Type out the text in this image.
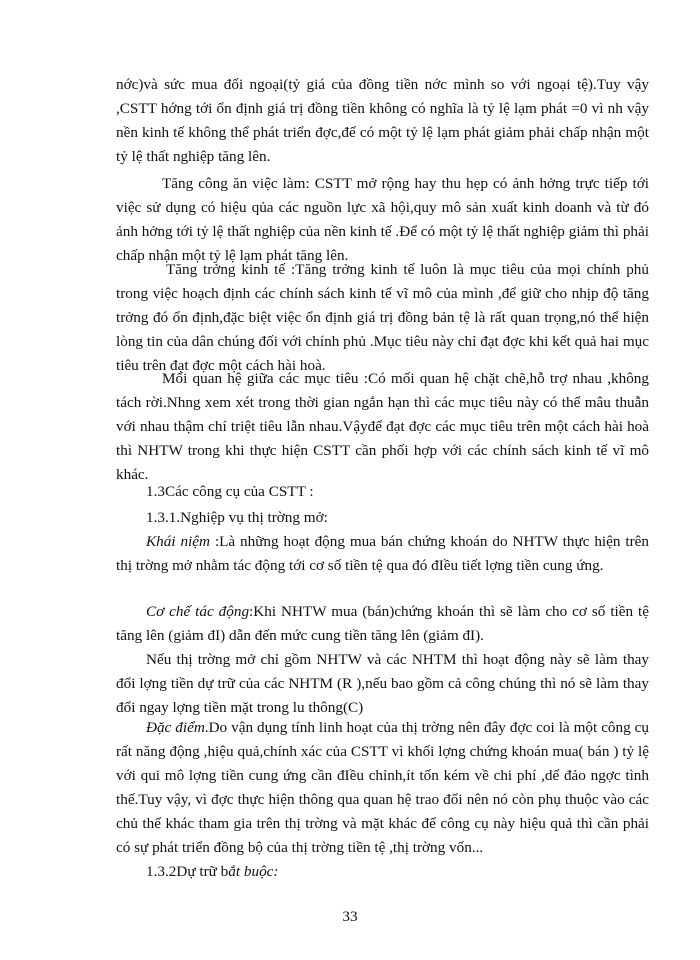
nớc)và sức mua đối ngoại(tỷ giá của đồng tiền nớc mình so với ngoại tệ).Tuy vậy ,CSTT hớng tới ổn định giá trị đồng tiền không có nghĩa là tỷ lệ lạm phát =0 vì nh vậy nền kinh tế không thể phát triển đợc,để có một tỷ lệ lạm phát giảm phải chấp nhận một tỷ lệ thất nghiệp tăng lên.

Tăng công ăn việc làm: CSTT mở rộng hay thu hẹp có ảnh hởng trực tiếp tới việc sử dụng có hiệu qủa các nguồn lực xã hội,quy mô sản xuất kinh doanh và từ đó ảnh hởng tới tỷ lệ thất nghiệp của nền kinh tế .Để có một tỷ lệ thất nghiệp giảm thì phải chấp nhận một tỷ lệ lạm phát tăng lên.

Tăng trởng kinh tế :Tăng trởng kinh tế luôn là mục tiêu của mọi chính phủ trong việc hoạch định các chính sách kinh tế vĩ mô của mình ,để giữ cho nhịp độ tăng trởng đó ổn định,đặc biệt việc ổn định giá trị đồng bản tệ là rất quan trọng,nó thể hiện lòng tin của dân chúng đối với chính phủ .Mục tiêu này chỉ đạt đợc khi kết quả hai mục tiêu trên đạt đợc một cách hài hoà.

Mối quan hệ giữa các mục tiêu :Có mối quan hệ chặt chẽ,hỗ trợ nhau ,không tách rời.Nhng xem xét trong thời gian ngắn hạn thì các mục tiêu này có thể mâu thuẫn với nhau thậm chí triệt tiêu lẫn nhau.Vậyđể đạt đợc các mục tiêu trên một cách hài hoà thì NHTW trong khi thực hiện CSTT cần phối hợp với các chính sách kinh tế vĩ mô khác.

1.3Các công cụ của CSTT :

1.3.1.Nghiệp vụ thị trờng mở:

Khái niệm :Là những hoạt động mua bán chứng khoán do NHTW thực hiện trên thị trờng mở nhằm tác động tới cơ số tiền tệ qua đó đIều tiết lợng tiền cung ứng.

Cơ chế tác động:Khi NHTW mua (bán)chứng khoán thì sẽ làm cho cơ số tiền tệ tăng lên (giảm đI) dẫn đến mức cung tiền tăng lên (giảm đI).

Nếu thị trờng mở chỉ gồm NHTW và các NHTM thì hoạt động này sẽ làm thay đổi lợng tiền dự trữ của các NHTM (R ),nếu bao gồm cả công chúng thì nó sẽ làm thay đổi ngay lợng tiền mặt trong lu thông(C)

Đặc điểm.Do vận dụng tính linh hoạt của thị trờng nên đây đợc coi là một công cụ rất năng động ,hiệu quả,chính xác của CSTT vì khối lợng chứng khoán mua( bán ) tỷ lệ với qui mô lợng tiền cung ứng cần đIều chỉnh,ít tốn kém về chi phí ,dể đảo ngợc tình thế.Tuy vậy, vì đợc thực hiện thông qua quan hệ trao đổi nên nó còn phụ thuộc vào các chủ thể khác tham gia trên thị trờng và mặt khác để công cụ này hiệu quả thì cần phải có sự phát triển đồng bộ của thị trờng tiền tệ ,thị trờng vốn...

1.3.2Dự trữ bắt buộc:

33
